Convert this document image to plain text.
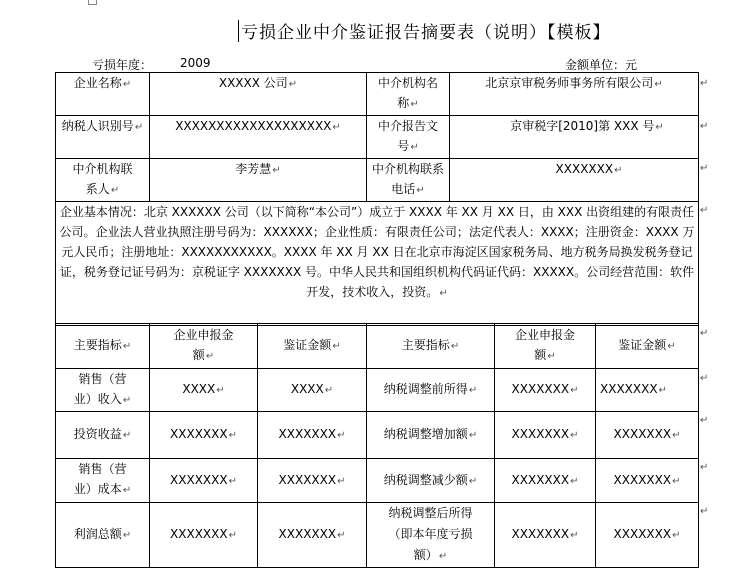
亏损企业中介鉴证报告摘要表（说明）【模板】
亏损年度： 2009	金额单位：元
企业名称↵	XXXXX 公司↵	中介机构名称↵	北京京审税务师事务所有限公司↵
纳税人识别号↵	XXXXXXXXXXXXXXXXXXX↵	中介报告文号↵	京审税字[2010]第 XXX 号↵
中介机构联系人↵	李芳慧↵	中介机构联系电话↵	XXXXXXX↵
企业基本情况：北京 XXXXXX 公司（以下简称“本公司”）成立于 XXXX 年 XX 月 XX 日，由 XXX 出资组建的有限责任公司。企业法人营业执照注册号码为：XXXXXX；企业性质：有限责任公司；法定代表人：XXXX；注册资金：XXXX 万元人民币；注册地址：XXXXXXXXXXX。XXXX 年 XX 月 XX 日在北京市海淀区国家税务局、地方税务局换发税务登记证，税务登记证号码为：京税证字 XXXXXXX 号。中华人民共和国组织机构代码证代码：XXXXX。公司经营范围：软件开发，技术收入，投资。↵			
主要指标↵	企业申报金额↵	鉴证金额↵	主要指标↵	企业申报金额↵	鉴证金额↵
销售（营业）收入↵	XXXX↵	XXXX↵	纳税调整前所得↵	XXXXXXX↵	XXXXXXX↵
投资收益↵	XXXXXXX↵	XXXXXXX↵	纳税调整增加额↵	XXXXXXX↵	XXXXXXX↵
销售（营业）成本↵	XXXXXXX↵	XXXXXXX↵	纳税调整减少额↵	XXXXXXX↵	XXXXXXX↵
利润总额↵	XXXXXXX↵	XXXXXXX↵	纳税调整后所得（即本年度亏损额）↵	XXXXXXX↵	XXXXXXX↵
↵
↵
↵
↵
↵
↵
↵
↵
↵
